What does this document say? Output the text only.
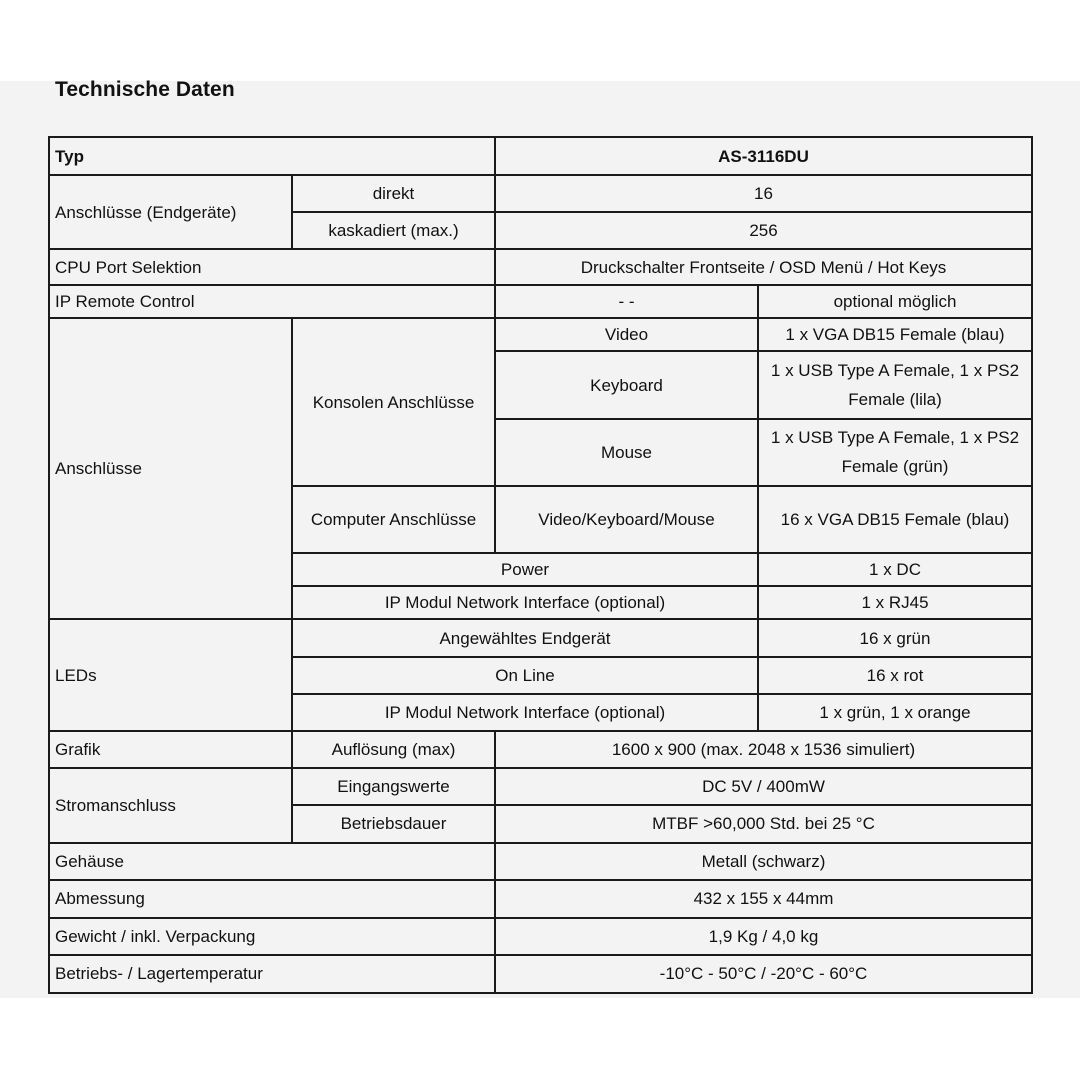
Technische Daten
Typ		AS-3116DU	
Anschlüsse (Endgeräte)	direkt	16	
	kaskadiert (max.)	256	
CPU Port Selektion		Druckschalter Frontseite / OSD Menü / Hot Keys	
IP Remote Control		- -	optional möglich
Anschlüsse	Konsolen Anschlüsse	Video	1 x VGA DB15 Female (blau)
		Keyboard	1 x USB Type A Female, 1 x PS2 Female (lila)
		Mouse	1 x USB Type A Female, 1 x PS2 Female (grün)
	Computer Anschlüsse	Video/Keyboard/Mouse	16 x VGA DB15 Female (blau)
	Power		1 x DC
	IP Modul Network Interface (optional)		1 x RJ45
LEDs	Angewähltes Endgerät		16 x grün
	On Line		16 x rot
	IP Modul Network Interface (optional)		1 x grün, 1 x orange
Grafik	Auflösung (max)	1600 x 900 (max. 2048 x 1536 simuliert)	
Stromanschluss	Eingangswerte	DC 5V / 400mW	
	Betriebsdauer	MTBF >60,000 Std. bei 25 °C	
Gehäuse		Metall (schwarz)	
Abmessung		432 x 155 x 44mm	
Gewicht / inkl. Verpackung		1,9 Kg / 4,0 kg	
Betriebs- / Lagertemperatur		-10°C - 50°C / -20°C - 60°C	
